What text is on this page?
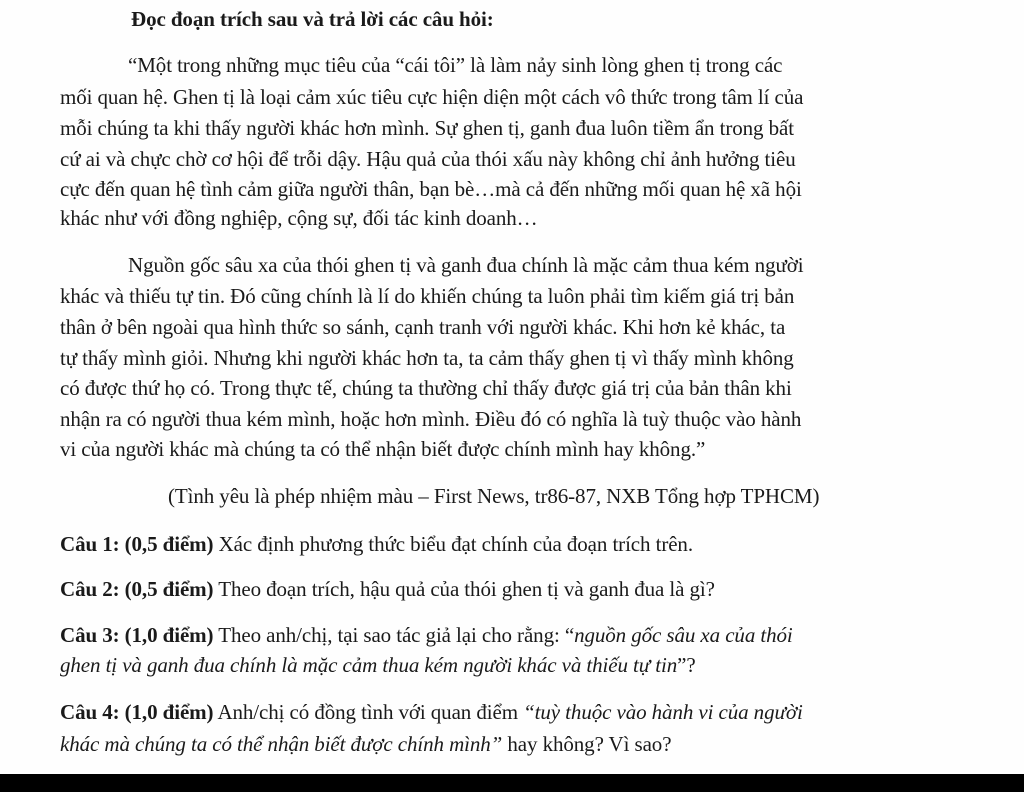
Đọc đoạn trích sau và trả lời các câu hỏi:
“Một trong những mục tiêu của “cái tôi” là làm nảy sinh lòng ghen tị trong các
mối quan hệ. Ghen tị là loại cảm xúc tiêu cực hiện diện một cách vô thức trong tâm lí của
mỗi chúng ta khi thấy người khác hơn mình. Sự ghen tị, ganh đua luôn tiềm ẩn trong bất
cứ ai và chực chờ cơ hội để trỗi dậy. Hậu quả của thói xấu này không chỉ ảnh hưởng tiêu
cực đến quan hệ tình cảm giữa người thân, bạn bè…mà cả đến những mối quan hệ xã hội
khác như với đồng nghiệp, cộng sự, đối tác kinh doanh…
Nguồn gốc sâu xa của thói ghen tị và ganh đua chính là mặc cảm thua kém người
khác và thiếu tự tin. Đó cũng chính là lí do khiến chúng ta luôn phải tìm kiếm giá trị bản
thân ở bên ngoài qua hình thức so sánh, cạnh tranh với người khác. Khi hơn kẻ khác, ta
tự thấy mình giỏi. Nhưng khi người khác hơn ta, ta cảm thấy ghen tị vì thấy mình không
có được thứ họ có. Trong thực tế, chúng ta thường chỉ thấy được giá trị của bản thân khi
nhận ra có người thua kém mình, hoặc hơn mình. Điều đó có nghĩa là tuỳ thuộc vào hành
vi của người khác mà chúng ta có thể nhận biết được chính mình hay không.”
(Tình yêu là phép nhiệm màu – First News, tr86-87, NXB Tổng hợp TPHCM)
Câu 1: (0,5 điểm) Xác định phương thức biểu đạt chính của đoạn trích trên.
Câu 2: (0,5 điểm) Theo đoạn trích, hậu quả của thói ghen tị và ganh đua là gì?
Câu 3: (1,0 điểm) Theo anh/chị, tại sao tác giả lại cho rằng: “nguồn gốc sâu xa của thói
ghen tị và ganh đua chính là mặc cảm thua kém người khác và thiếu tự tin”?
Câu 4: (1,0 điểm) Anh/chị có đồng tình với quan điểm “tuỳ thuộc vào hành vi của người
khác mà chúng ta có thể nhận biết được chính mình” hay không? Vì sao?
